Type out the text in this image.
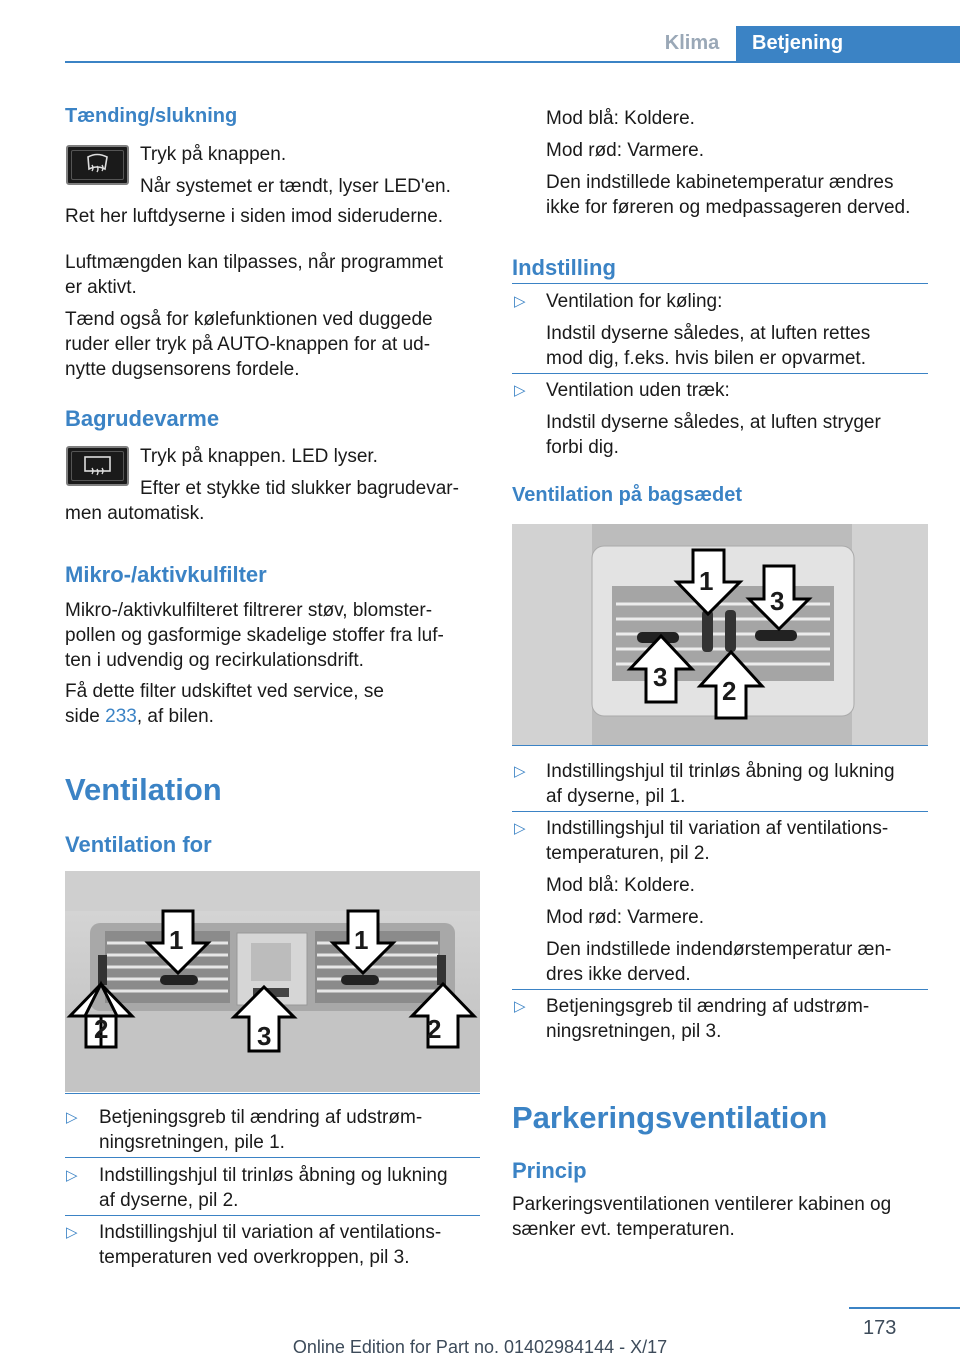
Klima	Betjening
Tænding/slukning
Tryk på knappen.
Når systemet er tændt, lyser LED'en.
Ret her luftdyserne i siden imod sideruderne.
Luftmængden kan tilpasses, når programmet
er aktivt.
Tænd også for kølefunktionen ved duggede
ruder eller tryk på AUTO-knappen for at ud-
nytte dugsensorens fordele.
Bagrudevarme
Tryk på knappen. LED lyser.
Efter et stykke tid slukker bagrudevar-
men automatisk.
Mikro-/aktivkulfilter
Mikro-/aktivkulfilteret filtrerer støv, blomster-
pollen og gasformige skadelige stoffer fra luf-
ten i udvendig og recirkulationsdrift.
Få dette filter udskiftet ved service, se
side 233, af bilen.
Ventilation
Ventilation for
1	1
2	2
3
▷ Betjeningsgreb til ændring af udstrøm-
ningsretningen, pile 1.
▷ Indstillingshjul til trinløs åbning og lukning
af dyserne, pil 2.
▷ Indstillingshjul til variation af ventilations-
temperaturen ved overkroppen, pil 3.
Mod blå: Koldere.
Mod rød: Varmere.
Den indstillede kabinetemperatur ændres
ikke for føreren og medpassageren derved.
Indstilling
▷ Ventilation for køling:
Indstil dyserne således, at luften rettes
mod dig, f.eks. hvis bilen er opvarmet.
▷ Ventilation uden træk:
Indstil dyserne således, at luften stryger
forbi dig.
Ventilation på bagsædet
1
3
3 2
▷ Indstillingshjul til trinløs åbning og lukning
af dyserne, pil 1.
▷ Indstillingshjul til variation af ventilations-
temperaturen, pil 2.
Mod blå: Koldere.
Mod rød: Varmere.
Den indstillede indendørstemperatur æn-
dres ikke derved.
▷ Betjeningsgreb til ændring af udstrøm-
ningsretningen, pil 3.
Parkeringsventilation
Princip
Parkeringsventilationen ventilerer kabinen og
sænker evt. temperaturen.
173
Online Edition for Part no. 01402984144 - X/17
